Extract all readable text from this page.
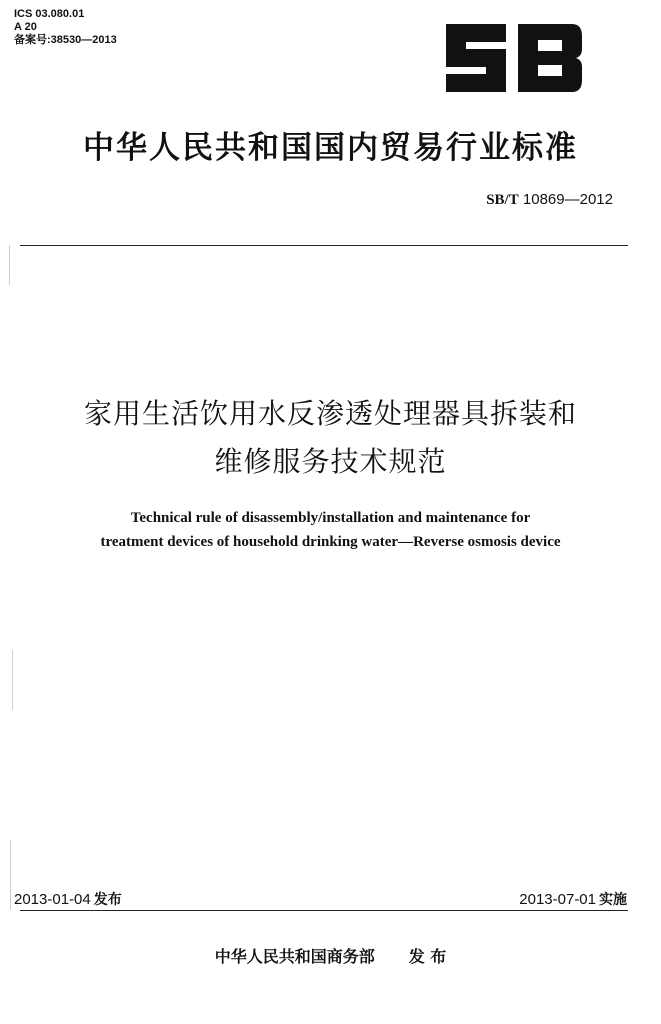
ICS 03.080.01
A 20
备案号:38530—2013
中华人民共和国国内贸易行业标准
SB/T 10869—2012
家用生活饮用水反渗透处理器具拆装和
维修服务技术规范
Technical rule of disassembly/installation and maintenance for
treatment devices of household drinking water—Reverse osmosis device
2013-01-04 发布	2013-07-01 实施
中华人民共和国商务部 发 布
